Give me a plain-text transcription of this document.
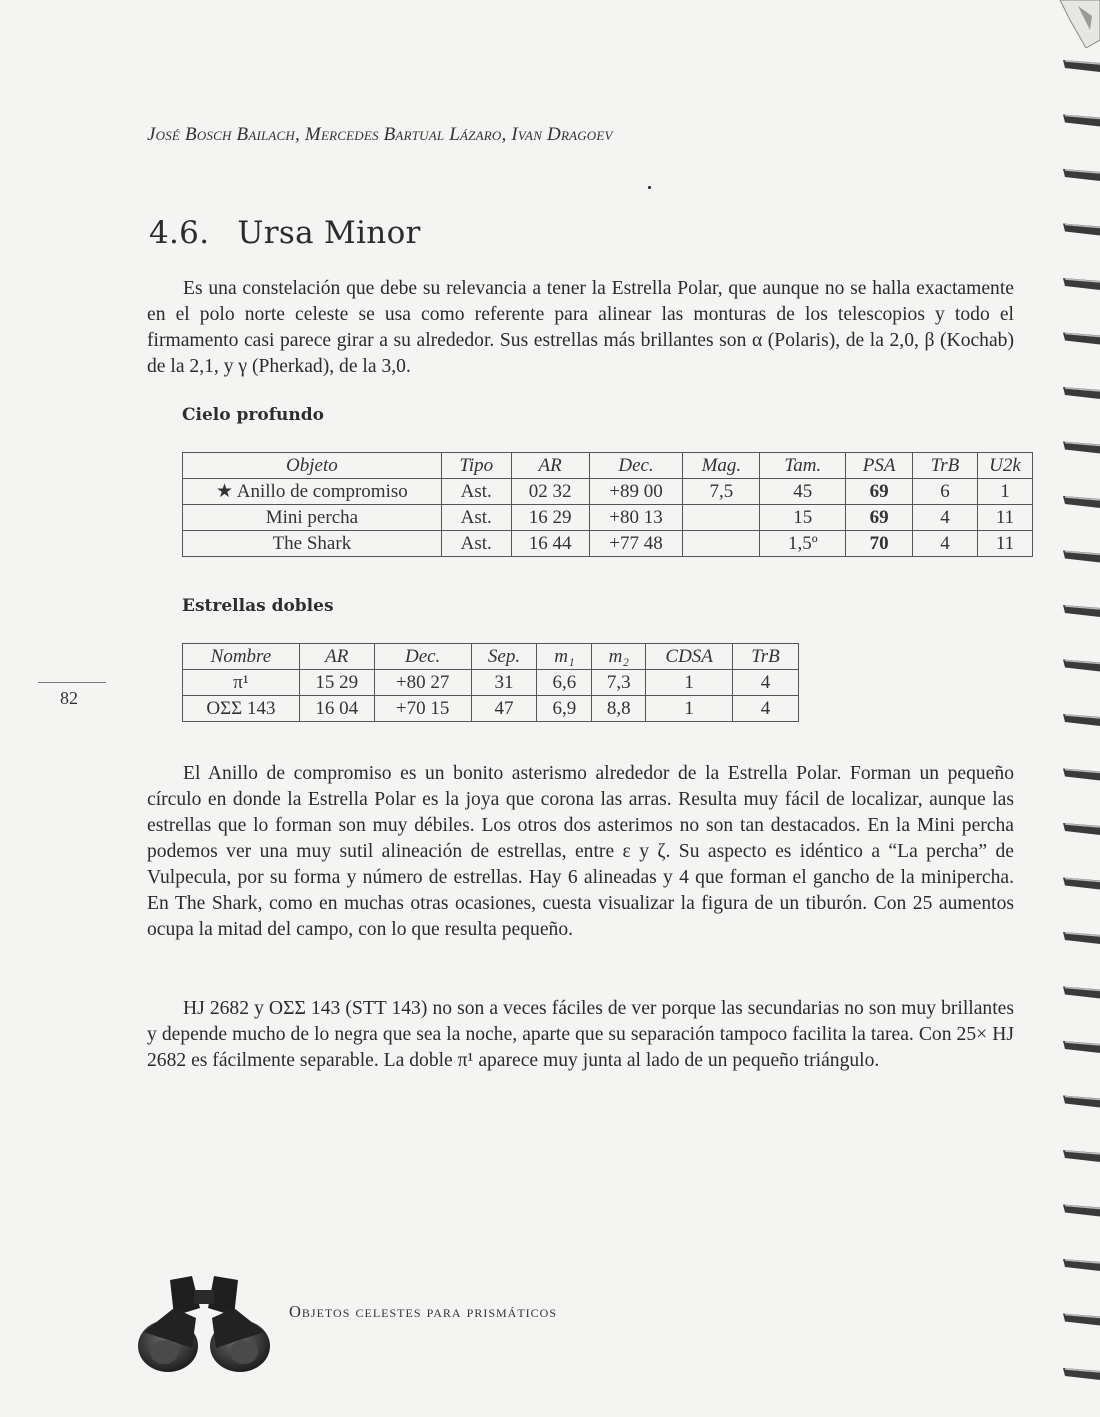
José Bosch Bailach, Mercedes Bartual Lázaro, Ivan Dragoev
4.6. Ursa Minor

Es una constelación que debe su relevancia a tener la Estrella Polar, que aunque no se halla exactamente en el polo norte celeste se usa como referente para alinear las monturas de los telescopios y todo el firmamento casi parece girar a su alrededor. Sus estrellas más brillantes son α (Polaris), de la 2,0, β (Kochab) de la 2,1, y γ (Pherkad), de la 3,0.

Cielo profundo
Objeto	Tipo	AR	Dec.	Mag.	Tam.	PSA	TrB	U2k
★ Anillo de compromiso	Ast.	02 32	+89 00	7,5	45	69	6	1
Mini percha	Ast.	16 29	+80 13		15	69	4	11
The Shark	Ast.	16 44	+77 48		1,5º	70	4	11
Estrellas dobles
Nombre	AR	Dec.	Sep.	m₁	m₂	CDSA	TrB
π¹	15 29	+80 27	31	6,6	7,3	1	4
ΟΣΣ 143	16 04	+70 15	47	6,9	8,8	1	4
82

El Anillo de compromiso es un bonito asterismo alrededor de la Estrella Polar. Forman un pequeño círculo en donde la Estrella Polar es la joya que corona las arras. Resulta muy fácil de localizar, aunque las estrellas que lo forman son muy débiles. Los otros dos asterimos no son tan destacados. En la Mini percha podemos ver una muy sutil alineación de estrellas, entre ε y ζ. Su aspecto es idéntico a “La percha” de Vulpecula, por su forma y número de estrellas. Hay 6 alineadas y 4 que forman el gancho de la minipercha. En The Shark, como en muchas otras ocasiones, cuesta visualizar la figura de un tiburón. Con 25 aumentos ocupa la mitad del campo, con lo que resulta pequeño.

HJ 2682 y ΟΣΣ 143 (STT 143) no son a veces fáciles de ver porque las secundarias no son muy brillantes y depende mucho de lo negra que sea la noche, aparte que su separación tampoco facilita la tarea. Con 25× HJ 2682 es fácilmente separable. La doble π¹ aparece muy junta al lado de un pequeño triángulo.

Objetos celestes para prismáticos
